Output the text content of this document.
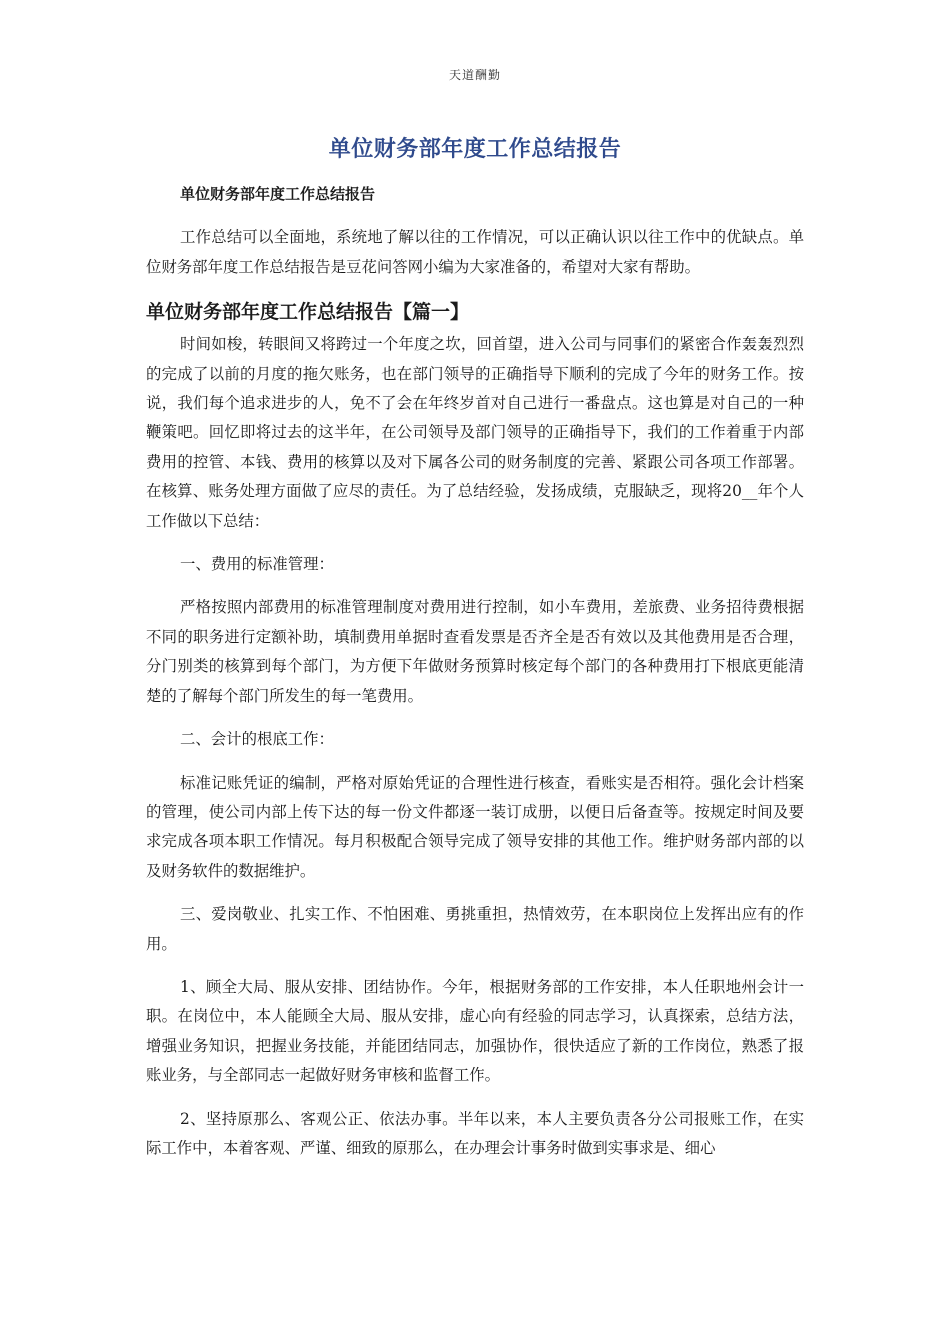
天道酬勤
单位财务部年度工作总结报告

单位财务部年度工作总结报告

工作总结可以全面地，系统地了解以往的工作情况，可以正确认识以往工作中的优缺点。单位财务部年度工作总结报告是豆花问答网小编为大家准备的，希望对大家有帮助。

单位财务部年度工作总结报告【篇一】

时间如梭，转眼间又将跨过一个年度之坎，回首望，进入公司与同事们的紧密合作轰轰烈烈的完成了以前的月度的拖欠账务，也在部门领导的正确指导下顺利的完成了今年的财务工作。按说，我们每个追求进步的人，免不了会在年终岁首对自己进行一番盘点。这也算是对自己的一种鞭策吧。回忆即将过去的这半年，在公司领导及部门领导的正确指导下，我们的工作着重于内部费用的控管、本钱、费用的核算以及对下属各公司的财务制度的完善、紧跟公司各项工作部署。在核算、账务处理方面做了应尽的责任。为了总结经验，发扬成绩，克服缺乏，现将20__年个人工作做以下总结：

一、费用的标准管理：

严格按照内部费用的标准管理制度对费用进行控制，如小车费用，差旅费、业务招待费根据不同的职务进行定额补助，填制费用单据时查看发票是否齐全是否有效以及其他费用是否合理，分门别类的核算到每个部门，为方便下年做财务预算时核定每个部门的各种费用打下根底更能清楚的了解每个部门所发生的每一笔费用。

二、会计的根底工作：

标准记账凭证的编制，严格对原始凭证的合理性进行核查，看账实是否相符。强化会计档案的管理，使公司内部上传下达的每一份文件都逐一装订成册，以便日后备查等。按规定时间及要求完成各项本职工作情况。每月积极配合领导完成了领导安排的其他工作。维护财务部内部的以及财务软件的数据维护。

三、爱岗敬业、扎实工作、不怕困难、勇挑重担，热情效劳，在本职岗位上发挥出应有的作用。

1、顾全大局、服从安排、团结协作。今年，根据财务部的工作安排，本人任职地州会计一职。在岗位中，本人能顾全大局、服从安排，虚心向有经验的同志学习，认真探索，总结方法，增强业务知识，把握业务技能，并能团结同志，加强协作，很快适应了新的工作岗位，熟悉了报账业务，与全部同志一起做好财务审核和监督工作。

2、坚持原那么、客观公正、依法办事。半年以来，本人主要负责各分公司报账工作，在实际工作中，本着客观、严谨、细致的原那么，在办理会计事务时做到实事求是、细心
